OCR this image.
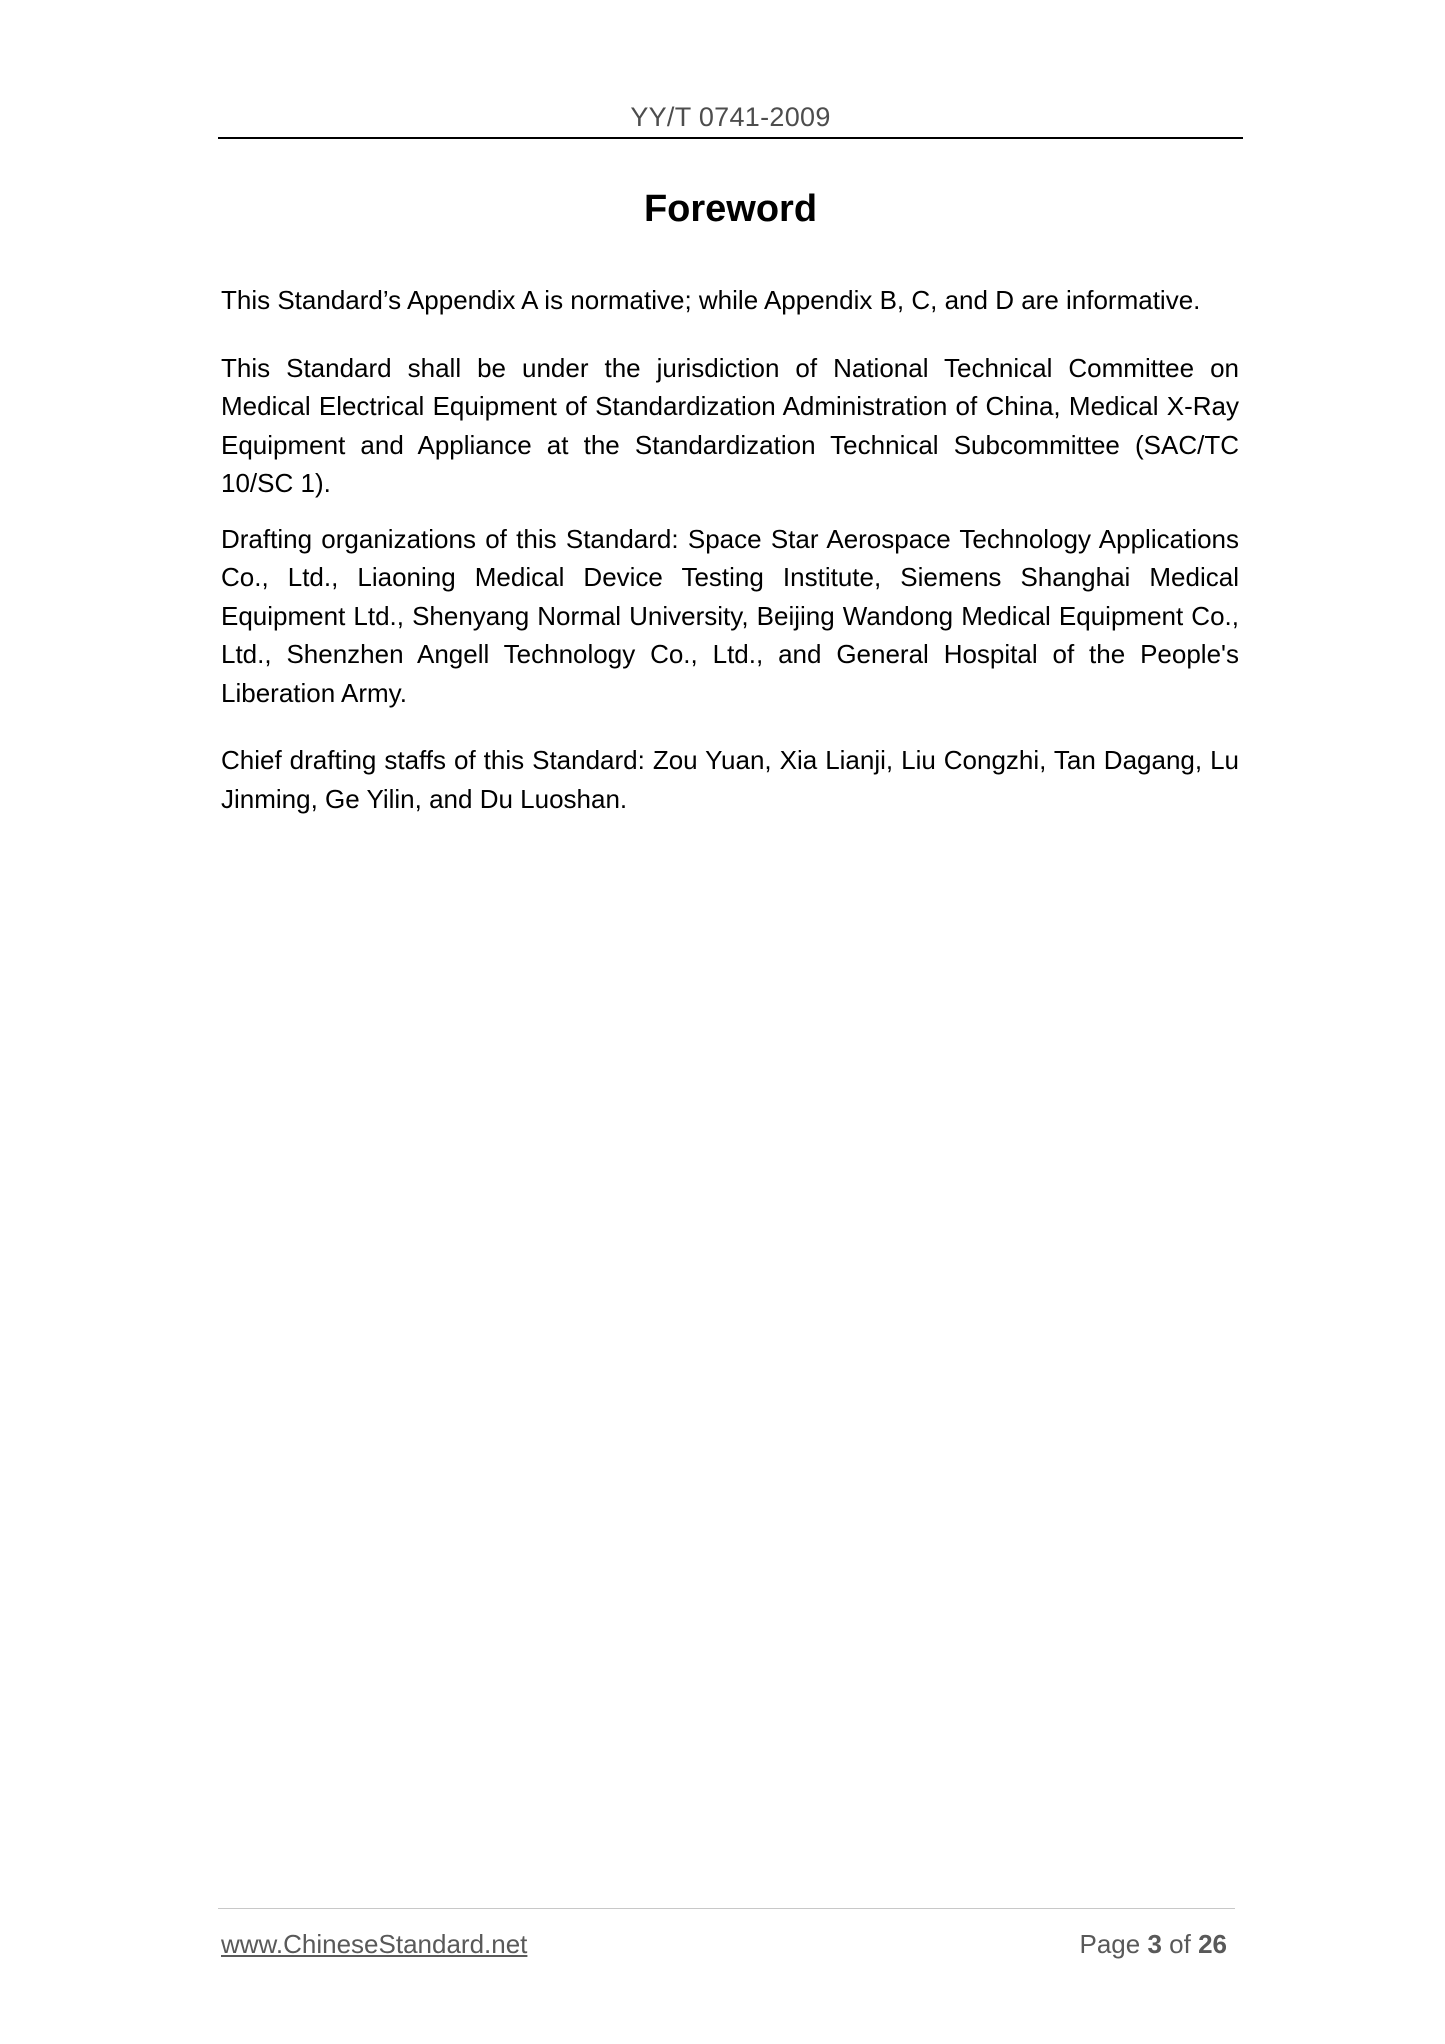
YY/T 0741-2009
Foreword

This Standard’s Appendix A is normative; while Appendix B, C, and D are informative.

This Standard shall be under the jurisdiction of National Technical Committee on Medical Electrical Equipment of Standardization Administration of China, Medical X-Ray Equipment and Appliance at the Standardization Technical Subcommittee (SAC/TC 10/SC 1).

Drafting organizations of this Standard: Space Star Aerospace Technology Applications Co., Ltd., Liaoning Medical Device Testing Institute, Siemens Shanghai Medical Equipment Ltd., Shenyang Normal University, Beijing Wandong Medical Equipment Co., Ltd., Shenzhen Angell Technology Co., Ltd., and General Hospital of the People's Liberation Army.

Chief drafting staffs of this Standard: Zou Yuan, Xia Lianji, Liu Congzhi, Tan Dagang, Lu Jinming, Ge Yilin, and Du Luoshan.

www.ChineseStandard.net	Page 3 of 26
